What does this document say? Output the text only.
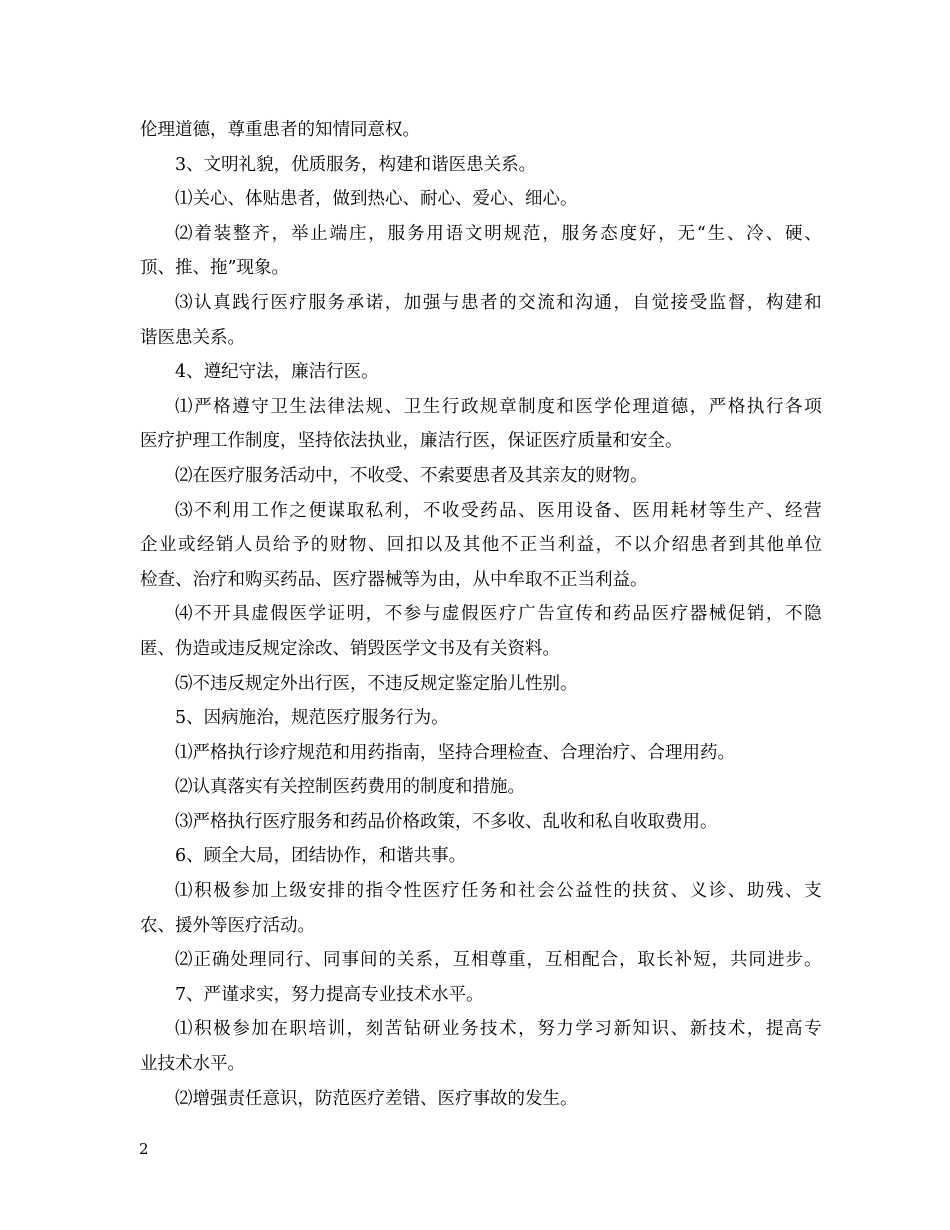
伦理道德，尊重患者的知情同意权。
3、文明礼貌，优质服务，构建和谐医患关系。
⑴关心、体贴患者，做到热心、耐心、爱心、细心。
⑵ 着 装 整 齐 ， 举 止 端 庄 ， 服 务 用 语 文 明 规 范 ， 服 务 态 度 好 ， 无 “ 生 、 冷 、 硬 、
顶、推、拖”现象。
⑶ 认 真 践 行 医 疗 服 务 承 诺 ， 加 强 与 患 者 的 交 流 和 沟 通 ， 自 觉 接 受 监 督 ， 构 建 和
谐医患关系。
4、遵纪守法，廉洁行医。
⑴ 严 格 遵 守 卫 生 法 律 法 规 、 卫 生 行 政 规 章 制 度 和 医 学 伦 理 道 德 ， 严 格 执 行 各 项
医疗护理工作制度，坚持依法执业，廉洁行医，保证医疗质量和安全。
⑵在医疗服务活动中，不收受、不索要患者及其亲友的财物。
⑶ 不 利 用 工 作 之 便 谋 取 私 利 ， 不 收 受 药 品 、 医 用 设 备 、 医 用 耗 材 等 生 产 、 经 营
企 业 或 经 销 人 员 给 予 的 财 物 、 回 扣 以 及 其 他 不 正 当 利 益 ， 不 以 介 绍 患 者 到 其 他 单 位
检查、治疗和购买药品、医疗器械等为由，从中牟取不正当利益。
⑷ 不 开 具 虚 假 医 学 证 明 ， 不 参 与 虚 假 医 疗 广 告 宣 传 和 药 品 医 疗 器 械 促 销 ， 不 隐
匿、伪造或违反规定涂改、销毁医学文书及有关资料。
⑸不违反规定外出行医，不违反规定鉴定胎儿性别。
5、因病施治，规范医疗服务行为。
⑴严格执行诊疗规范和用药指南，坚持合理检查、合理治疗、合理用药。
⑵认真落实有关控制医药费用的制度和措施。
⑶严格执行医疗服务和药品价格政策，不多收、乱收和私自收取费用。
6、顾全大局，团结协作，和谐共事。
⑴ 积 极 参 加 上 级 安 排 的 指 令 性 医 疗 任 务 和 社 会 公 益 性 的 扶 贫 、 义 诊 、 助 残 、 支
农、援外等医疗活动。
⑵ 正 确 处 理 同 行 、 同 事 间 的 关 系 ， 互 相 尊 重 ， 互 相 配 合 ， 取 长 补 短 ， 共 同 进 步 。
7、严谨求实，努力提高专业技术水平。
⑴ 积 极 参 加 在 职 培 训 ， 刻 苦 钻 研 业 务 技 术 ， 努 力 学 习 新 知 识 、 新 技 术 ， 提 高 专
业技术水平。
⑵增强责任意识，防范医疗差错、医疗事故的发生。
2
